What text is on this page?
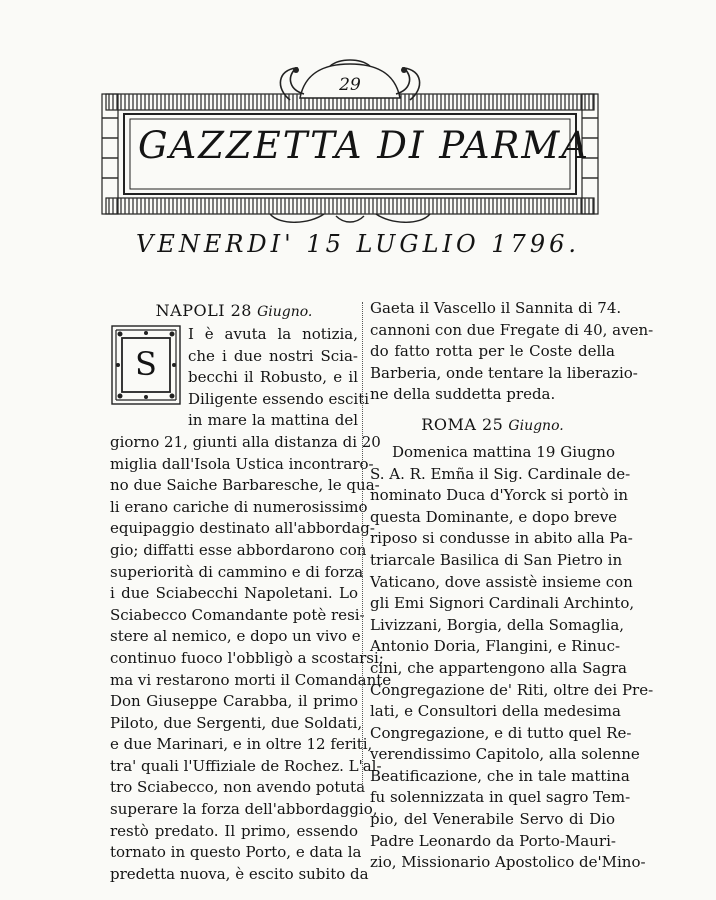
29
GAZZETTA DI PARMA
VENERDI' 15 LUGLIO 1796.
NAPOLI 28 Giugno.
S
I è avuta la notizia,
che i due nostri Scia-
becchi il Robusto, e il
Diligente essendo esciti
in mare la mattina del
giorno 21, giunti alla distanza di 20
miglia dall'Isola Ustica incontraro-
no due Saiche Barbaresche, le qua-
li erano cariche di numerosissimo
equipaggio destinato all'abbordag-
gio; diffatti esse abbordarono con
superiorità di cammino e di forza
i due Sciabecchi Napoletani. Lo
Sciabecco Comandante potè resi-
stere al nemico, e dopo un vivo e
continuo fuoco l'obbligò a scostarsi;
ma vi restarono morti il Comandante
Don Giuseppe Carabba, il primo
Piloto, due Sergenti, due Soldati,
e due Marinari, e in oltre 12 feriti,
tra' quali l'Uffiziale de Rochez. L'al-
tro Sciabecco, non avendo potuta
superare la forza dell'abbordaggio,
restò predato. Il primo, essendo
tornato in questo Porto, e data la
predetta nuova, è escito subito da
Gaeta il Vascello il Sannita di 74.
cannoni con due Fregate di 40, aven-
do fatto rotta per le Coste della
Barberia, onde tentare la liberazio-
ne della suddetta preda.
ROMA 25 Giugno.
Domenica mattina 19 Giugno
S. A. R. Emña il Sig. Cardinale de-
nominato Duca d'Yorck si portò in
questa Dominante, e dopo breve
riposo si condusse in abito alla Pa-
triarcale Basilica di San Pietro in
Vaticano, dove assistè insieme con
gli Emi Signori Cardinali Archinto,
Livizzani, Borgia, della Somaglia,
Antonio Doria, Flangini, e Rinuc-
cini, che appartengono alla Sagra
Congregazione de' Riti, oltre dei Pre-
lati, e Consultori della medesima
Congregazione, e di tutto quel Re-
verendissimo Capitolo, alla solenne
Beatificazione, che in tale mattina
fu solennizzata in quel sagro Tem-
pio, del Venerabile Servo di Dio
Padre Leonardo da Porto-Mauri-
zio, Missionario Apostolico de'Mino-
